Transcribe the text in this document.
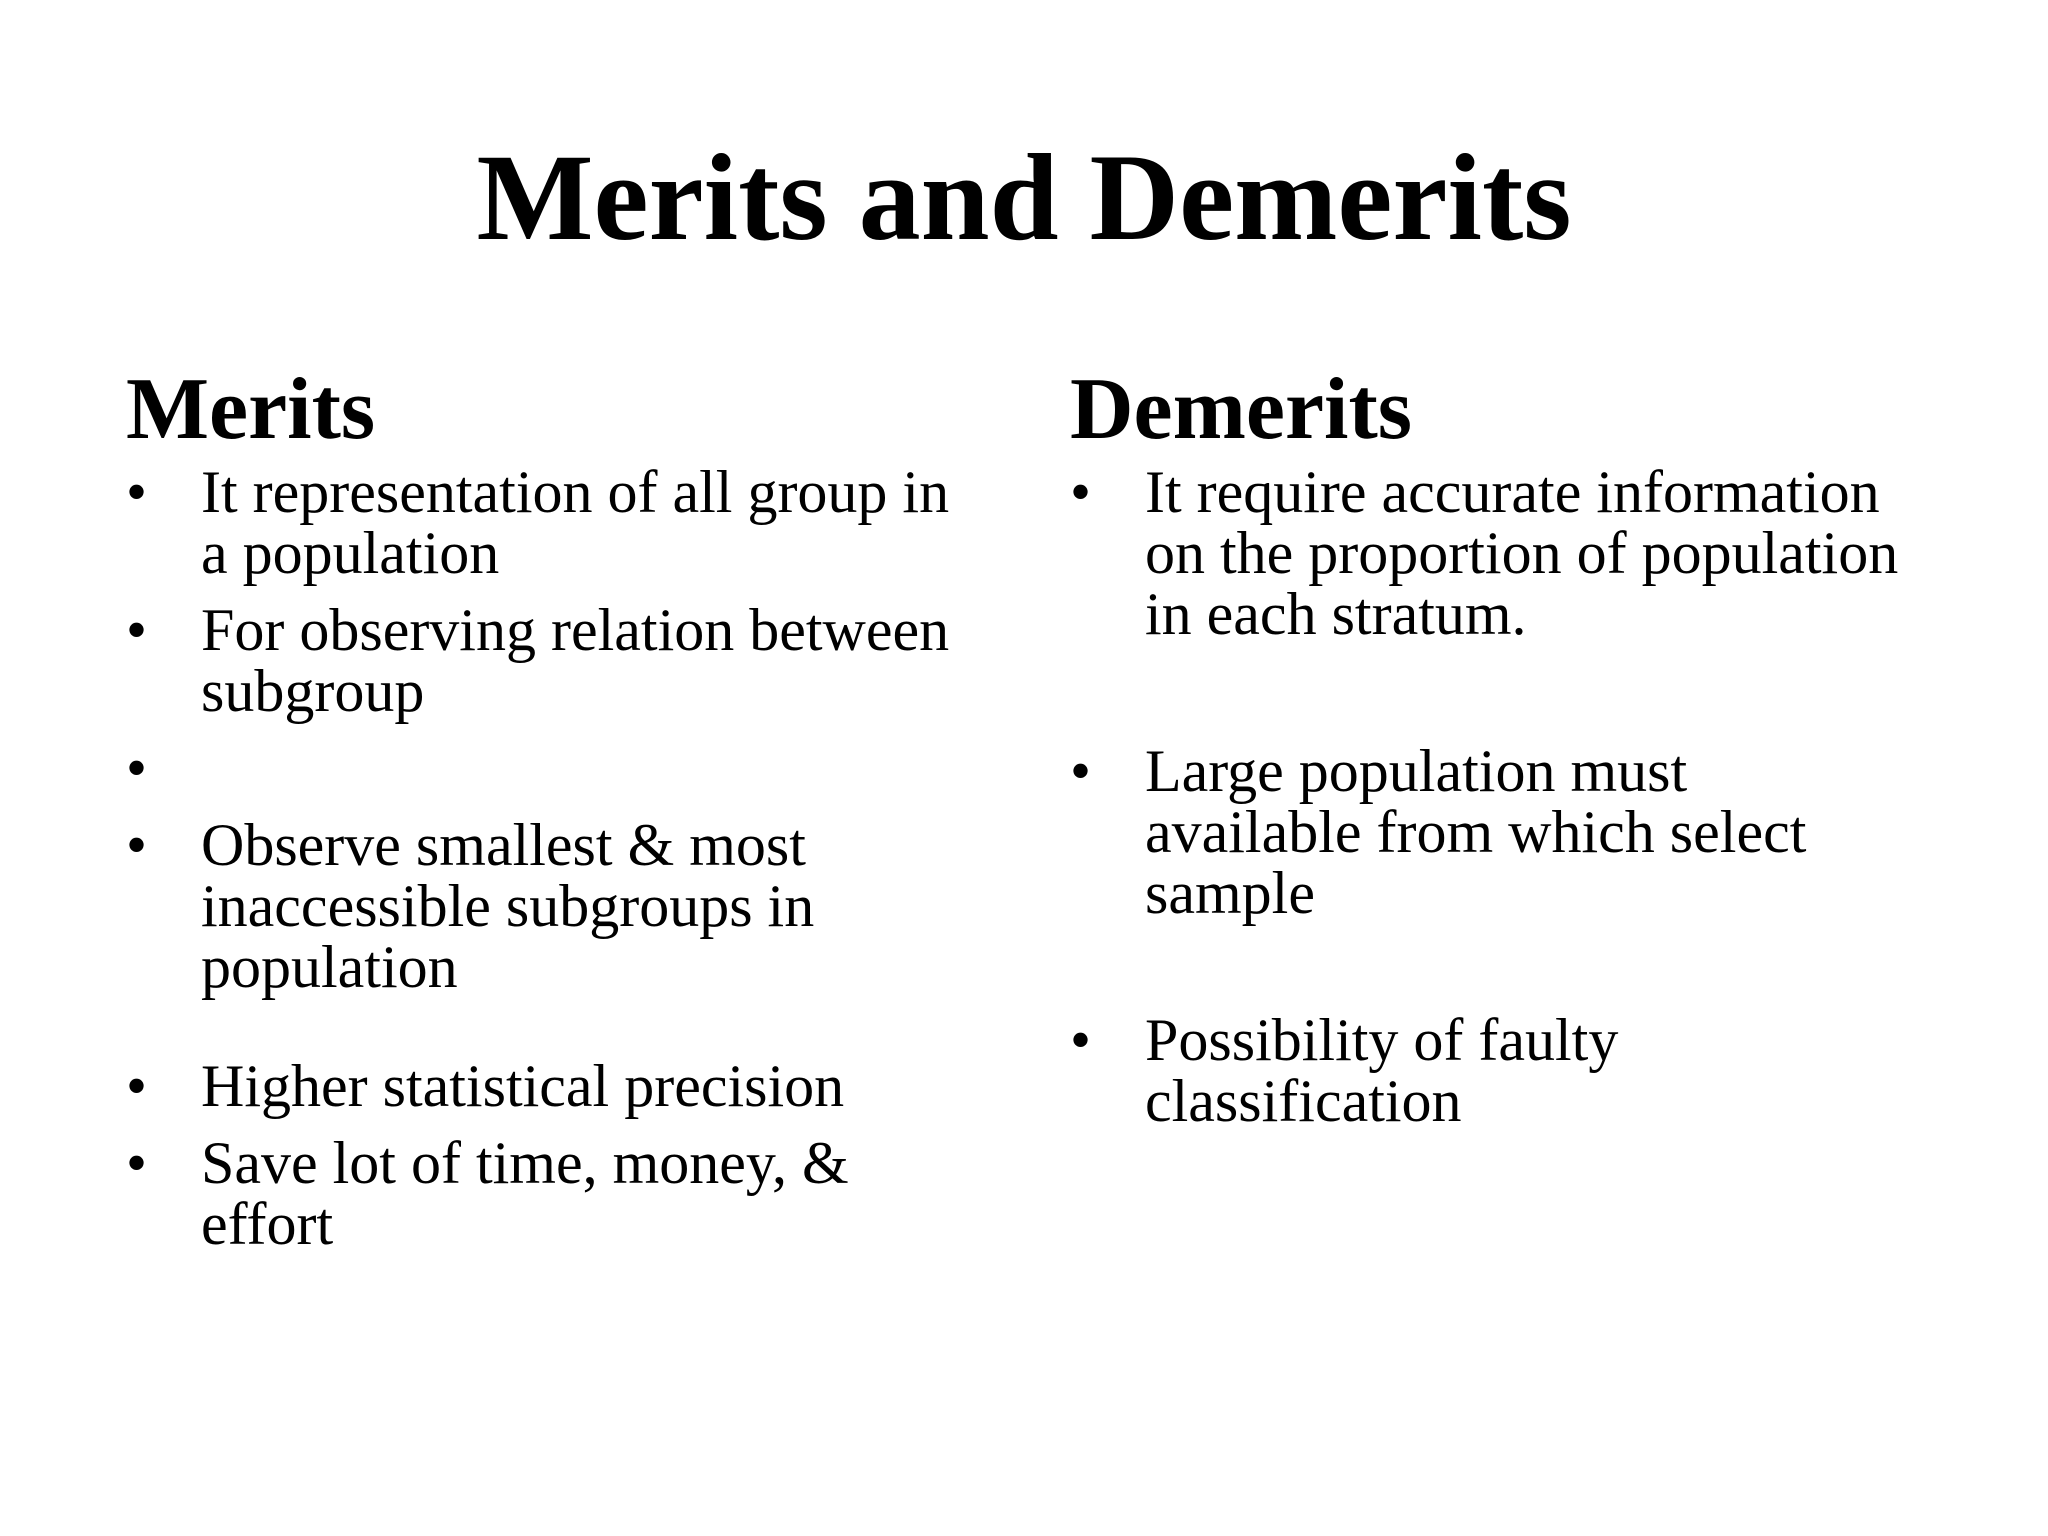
Merits and Demerits
Merits
• It representation of all group in a population
• For observing relation between subgroup
•
• Observe smallest & most inaccessible subgroups in population
• Higher statistical precision
• Save lot of time, money, & effort
Demerits
• It require accurate information on the proportion of population in each stratum.
• Large population must available from which select sample
• Possibility of faulty classification
